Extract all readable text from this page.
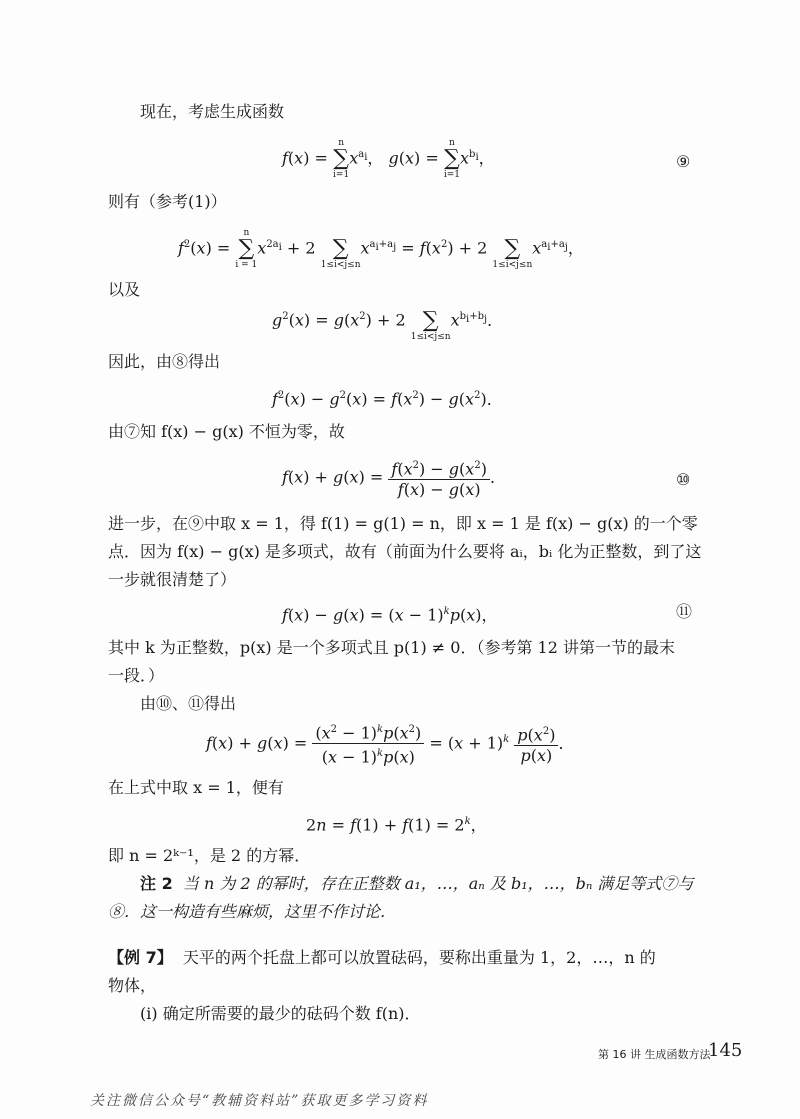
现在，考虑生成函数
f(x) = n
∑
$i=1x^{a_i}$， g(x) = n
∑
$i=1x^{b_i}$，	⑨
则有（参考(1)）
$f^2(x) = n$
∑
$i = 1x^{2a_i} + 2$ ∑
$1\le i<j\le nx^{a_i+a_j} = f(x^2) + 2$ ∑
$1\le i<j\le nx^{a_i+a_j}$，
以及
$g^2(x) = g(x^2) + 2$ ∑
$1\le i<j\le nx^{b_i+b_j}$．
因此，由⑧得出
$f^2(x) - g^2(x) = f(x^2) - g(x^2)$．
由⑦知 f(x) − g(x) 不恒为零，故
$f(x) + g(x) = \frac{f(x^2) - g(x^2)}{f(x) - g(x)}$ ．	⑩
进一步，在⑨中取 x = 1，得 f(1) = g(1) = n，即 x = 1 是 f(x) − g(x) 的一个零
点．因为 f(x) − g(x) 是多项式，故有（前面为什么要将 aᵢ，bᵢ 化为正整数，到了这
一步就很清楚了）
$f(x) - g(x) = (x - 1)^kp(x)$，	⑪
其中 k 为正整数，p(x) 是一个多项式且 p(1) ≠ 0．（参考第 12 讲第一节的最末
一段．）
由⑩、⑪得出
$f(x) + g(x) = \frac{(x^2 - 1)^kp(x^2)}{(x - 1)^kp(x)} = (x + 1)^k \frac{p(x^2)}{p(x)}$ ．
在上式中取 x = 1，便有
$2n = f(1) + f(1) = 2^k$，
即 n = 2ᵏ⁻¹，是 2 的方幂．
注 2 当 n 为 2 的幂时，存在正整数 a₁，…，aₙ 及 b₁，…，bₙ 满足等式⑦与
⑧．这一构造有些麻烦，这里不作讨论．
【例 7】 天平的两个托盘上都可以放置砝码，要称出重量为 1，2，…，n 的
物体，
(i) 确定所需要的最少的砝码个数 f(n)．
第 16 讲 生成函数方法
145
关注微信公众号“教辅资料站”获取更多学习资料
